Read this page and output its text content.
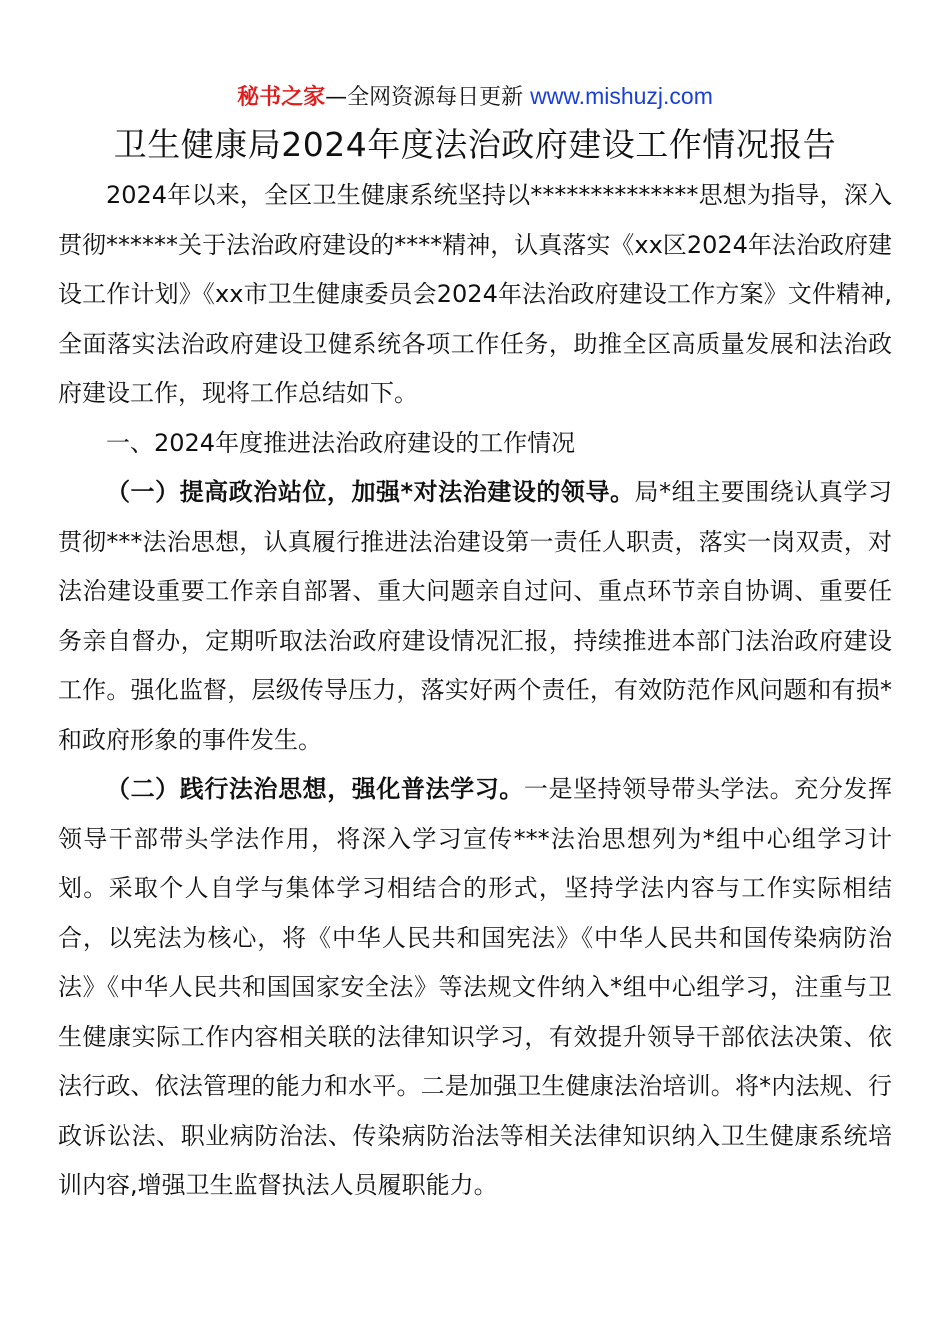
秘书之家—全网资源每日更新 www.mishuzj.com
卫生健康局2024年度法治政府建设工作情况报告

2024年以来，全区卫生健康系统坚持以**************思想为指导，深入贯彻******关于法治政府建设的****精神，认真落实《xx区2024年法治政府建设工作计划》《xx市卫生健康委员会2024年法治政府建设工作方案》文件精神,全面落实法治政府建设卫健系统各项工作任务，助推全区高质量发展和法治政府建设工作，现将工作总结如下。

一、2024年度推进法治政府建设的工作情况

（一）提高政治站位，加强*对法治建设的领导。局*组主要围绕认真学习贯彻***法治思想，认真履行推进法治建设第一责任人职责，落实一岗双责，对法治建设重要工作亲自部署、重大问题亲自过问、重点环节亲自协调、重要任务亲自督办，定期听取法治政府建设情况汇报，持续推进本部门法治政府建设工作。强化监督，层级传导压力，落实好两个责任，有效防范作风问题和有损*和政府形象的事件发生。

（二）践行法治思想，强化普法学习。一是坚持领导带头学法。充分发挥领导干部带头学法作用，将深入学习宣传***法治思想列为*组中心组学习计划。采取个人自学与集体学习相结合的形式，坚持学法内容与工作实际相结合，以宪法为核心，将《中华人民共和国宪法》《中华人民共和国传染病防治法》《中华人民共和国国家安全法》等法规文件纳入*组中心组学习，注重与卫生健康实际工作内容相关联的法律知识学习，有效提升领导干部依法决策、依法行政、依法管理的能力和水平。二是加强卫生健康法治培训。将*内法规、行政诉讼法、职业病防治法、传染病防治法等相关法律知识纳入卫生健康系统培训内容,增强卫生监督执法人员履职能力。
